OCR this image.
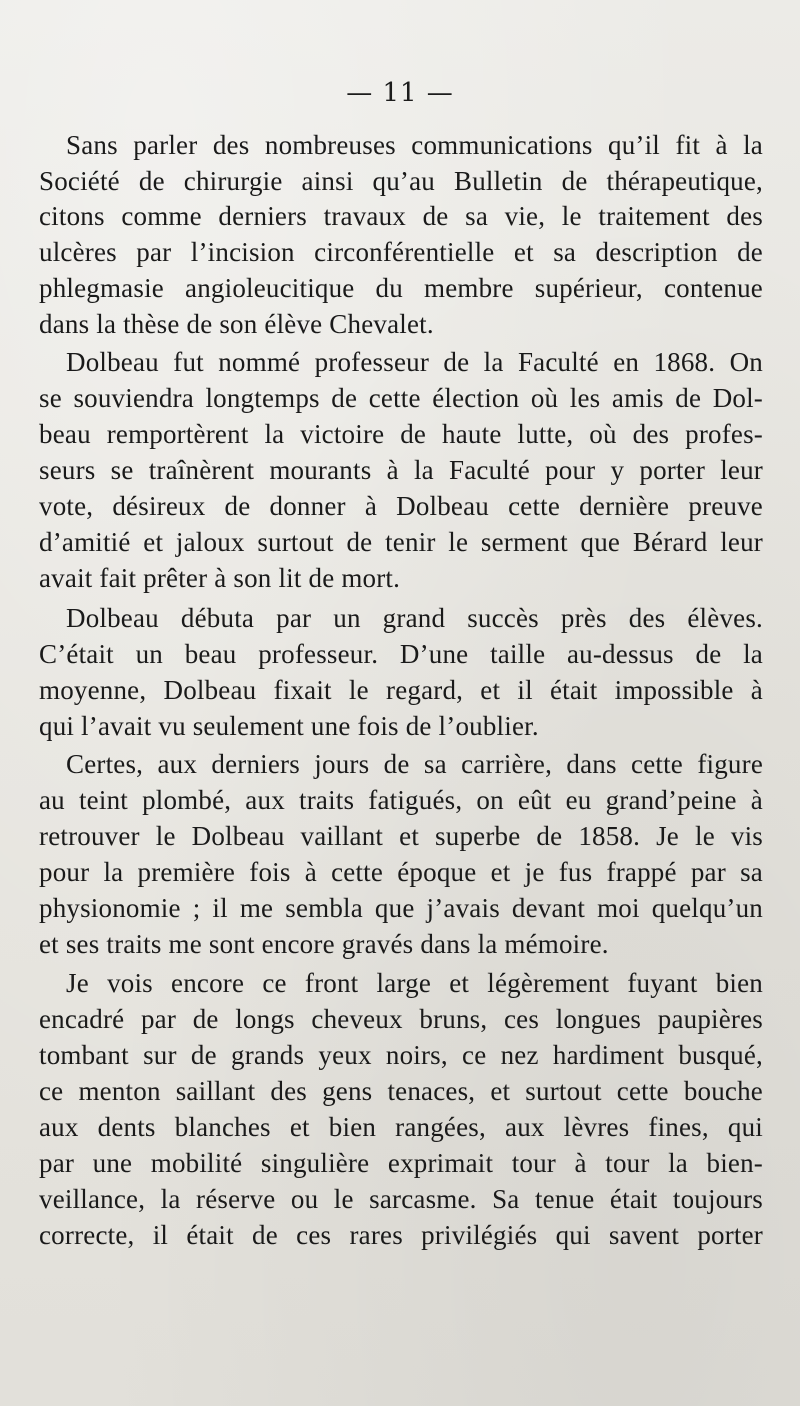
— 11 —
Sans parler des nombreuses communications qu’il fit à la
Société de chirurgie ainsi qu’au Bulletin de thérapeutique,
citons comme derniers travaux de sa vie, le traitement des
ulcères par l’incision circonférentielle et sa description de
phlegmasie angioleucitique du membre supérieur, contenue
dans la thèse de son élève Chevalet.
Dolbeau fut nommé professeur de la Faculté en 1868. On
se souviendra longtemps de cette élection où les amis de Dol-
beau remportèrent la victoire de haute lutte, où des profes-
seurs se traînèrent mourants à la Faculté pour y porter leur
vote, désireux de donner à Dolbeau cette dernière preuve
d’amitié et jaloux surtout de tenir le serment que Bérard leur
avait fait prêter à son lit de mort.
Dolbeau débuta par un grand succès près des élèves.
C’était un beau professeur. D’une taille au-dessus de la
moyenne, Dolbeau fixait le regard, et il était impossible à
qui l’avait vu seulement une fois de l’oublier.
Certes, aux derniers jours de sa carrière, dans cette figure
au teint plombé, aux traits fatigués, on eût eu grand’peine à
retrouver le Dolbeau vaillant et superbe de 1858. Je le vis
pour la première fois à cette époque et je fus frappé par sa
physionomie ; il me sembla que j’avais devant moi quelqu’un
et ses traits me sont encore gravés dans la mémoire.
Je vois encore ce front large et légèrement fuyant bien
encadré par de longs cheveux bruns, ces longues paupières
tombant sur de grands yeux noirs, ce nez hardiment busqué,
ce menton saillant des gens tenaces, et surtout cette bouche
aux dents blanches et bien rangées, aux lèvres fines, qui
par une mobilité singulière exprimait tour à tour la bien-
veillance, la réserve ou le sarcasme. Sa tenue était toujours
correcte, il était de ces rares privilégiés qui savent porter
